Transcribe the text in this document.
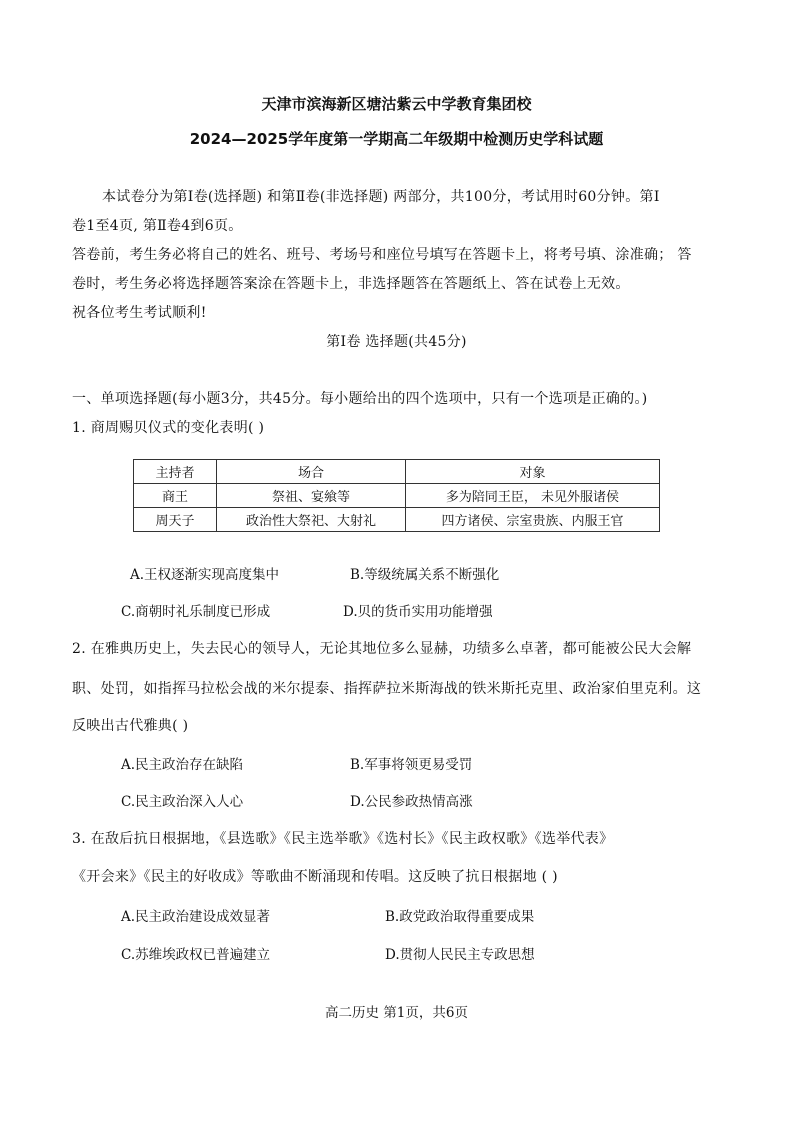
天津市滨海新区塘沽紫云中学教育集团校
2024—2025学年度第一学期高二年级期中检测历史学科试题
本试卷分为第Ⅰ卷(选择题) 和第Ⅱ卷(非选择题) 两部分，共100分，考试用时60分钟。第Ⅰ
卷1至4页, 第Ⅱ卷4到6页。
答卷前，考生务必将自己的姓名、班号、考场号和座位号填写在答题卡上，将考号填、涂准确； 答
卷时，考生务必将选择题答案涂在答题卡上，非选择题答在答题纸上、答在试卷上无效。
祝各位考生考试顺利!
第Ⅰ卷 选择题(共45分)
一、单项选择题(每小题3分，共45分。每小题给出的四个选项中，只有一个选项是正确的。)
1. 商周赐贝仪式的变化表明( )
主持者	场合	对象
商王	祭祖、宴飨等	多为陪同王臣， 未见外服诸侯
周天子	政治性大祭祀、大射礼	四方诸侯、宗室贵族、内服王官
A.王权逐渐实现高度集中	B.等级统属关系不断强化
C.商朝时礼乐制度已形成	D.贝的货币实用功能增强
2. 在雅典历史上，失去民心的领导人，无论其地位多么显赫，功绩多么卓著，都可能被公民大会解
职、处罚，如指挥马拉松会战的米尔提泰、指挥萨拉米斯海战的铁米斯托克里、政治家伯里克利。这
反映出古代雅典( )
A.民主政治存在缺陷	B.军事将领更易受罚
C.民主政治深入人心	D.公民参政热情高涨
3. 在敌后抗日根据地，《县选歌》《民主选举歌》《选村长》《民主政权歌》《选举代表》
《开会来》《民主的好收成》等歌曲不断涌现和传唱。这反映了抗日根据地 ( )
A.民主政治建设成效显著	B.政党政治取得重要成果
C.苏维埃政权已普遍建立	D.贯彻人民民主专政思想
高二历史 第1页，共6页
